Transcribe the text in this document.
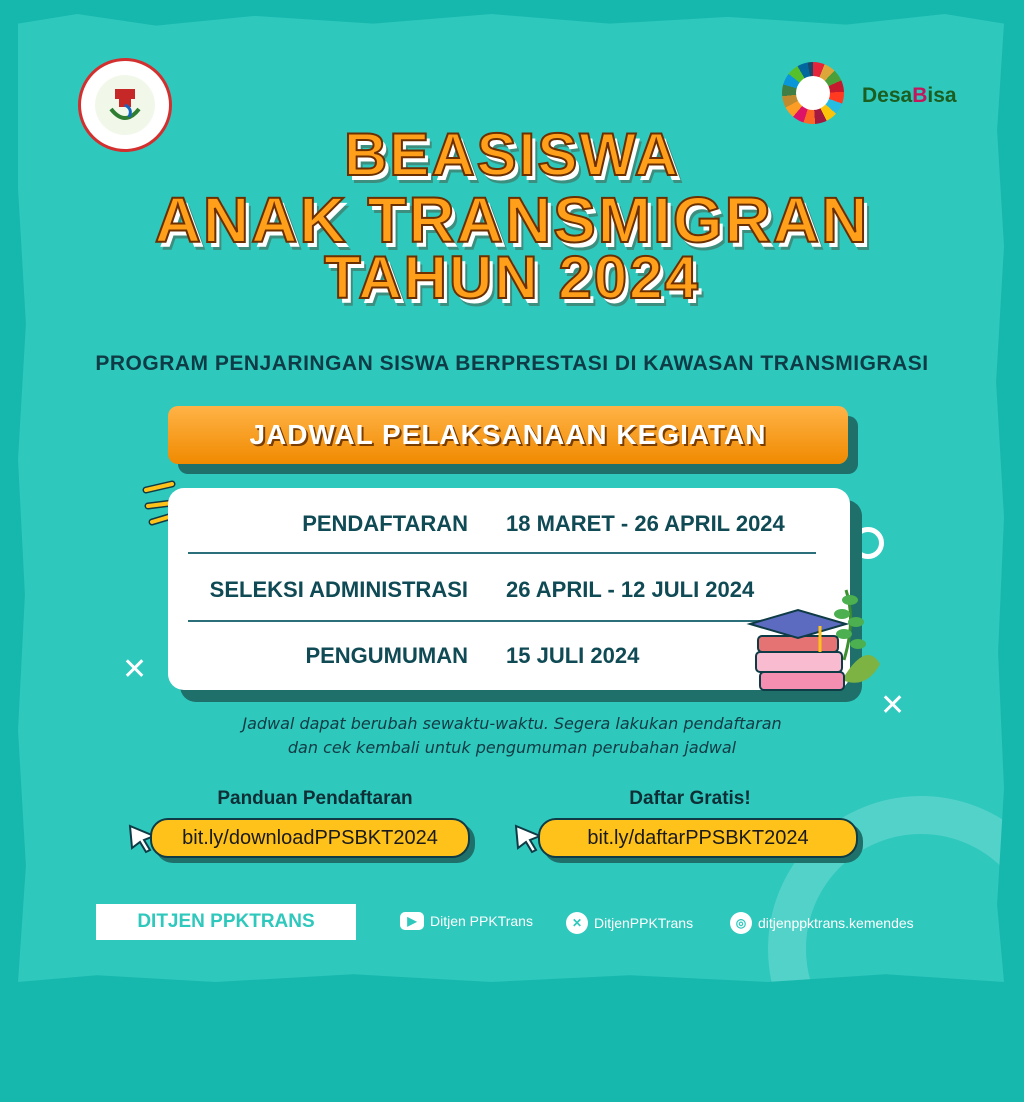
DesaBisa
BEASISWA
ANAK TRANSMIGRAN
TAHUN 2024
PROGRAM PENJARINGAN SISWA BERPRESTASI DI KAWASAN TRANSMIGRASI
✕
✕
JADWAL PELAKSANAAN KEGIATAN
PENDAFTARAN 18 MARET - 26 APRIL 2024
SELEKSI ADMINISTRASI 26 APRIL - 12 JULI 2024
PENGUMUMAN 15 JULI 2024
Jadwal dapat berubah sewaktu-waktu. Segera lakukan pendaftaran
dan cek kembali untuk pengumuman perubahan jadwal
Panduan Pendaftaran	Daftar Gratis!
bit.ly/downloadPPSBKT2024	bit.ly/daftarPPSBKT2024
DITJEN PPKTRANS	▶ Ditjen PPKTrans	✕ DitjenPPKTrans	◎ ditjenppktrans.kemendes
